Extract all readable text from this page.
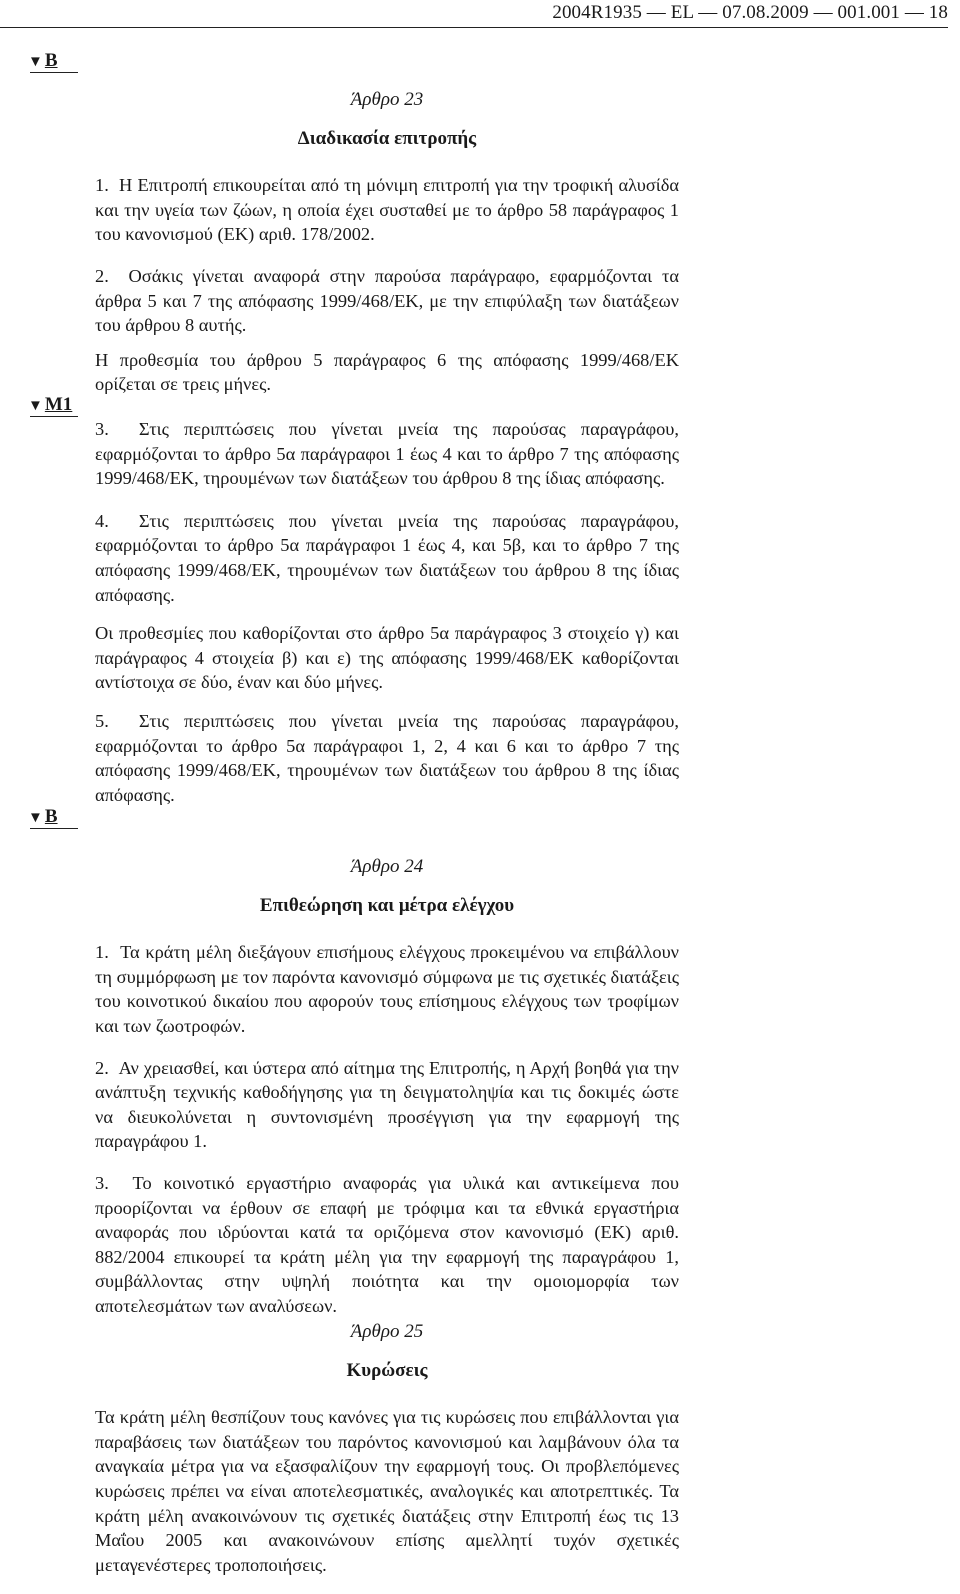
2004R1935 — EL — 07.08.2009 — 001.001 — 18
▼ B
▼ M1
▼ B
Άρθρο 23
Διαδικασία επιτροπής

1.  Η Επιτροπή επικουρείται από τη μόνιμη επιτροπή για την τροφική αλυσίδα και την υγεία των ζώων, η οποία έχει συσταθεί με το άρθρο 58 παράγραφος 1 του κανονισμού (ΕΚ) αριθ. 178/2002.

2.  Οσάκις γίνεται αναφορά στην παρούσα παράγραφο, εφαρμόζονται τα άρθρα 5 και 7 της απόφασης 1999/468/ΕΚ, με την επιφύλαξη των διατάξεων του άρθρου 8 αυτής.

Η προθεσμία του άρθρου 5 παράγραφος 6 της απόφασης 1999/468/ΕΚ ορίζεται σε τρεις μήνες.

3.  Στις περιπτώσεις που γίνεται μνεία της παρούσας παραγράφου, εφαρμόζονται το άρθρο 5α παράγραφοι 1 έως 4 και το άρθρο 7 της απόφασης 1999/468/ΕΚ, τηρουμένων των διατάξεων του άρθρου 8 της ίδιας απόφασης.

4.  Στις περιπτώσεις που γίνεται μνεία της παρούσας παραγράφου, εφαρμόζονται το άρθρο 5α παράγραφοι 1 έως 4, και 5β, και το άρθρο 7 της απόφασης 1999/468/ΕΚ, τηρουμένων των διατάξεων του άρθρου 8 της ίδιας απόφασης.

Οι προθεσμίες που καθορίζονται στο άρθρο 5α παράγραφος 3 στοιχείο γ) και παράγραφος 4 στοιχεία β) και ε) της απόφασης 1999/468/ΕΚ καθορίζονται αντίστοιχα σε δύο, έναν και δύο μήνες.

5.  Στις περιπτώσεις που γίνεται μνεία της παρούσας παραγράφου, εφαρμόζονται το άρθρο 5α παράγραφοι 1, 2, 4 και 6 και το άρθρο 7 της απόφασης 1999/468/ΕΚ, τηρουμένων των διατάξεων του άρθρου 8 της ίδιας απόφασης.

Άρθρο 24
Επιθεώρηση και μέτρα ελέγχου

1.  Τα κράτη μέλη διεξάγουν επισήμους ελέγχους προκειμένου να επιβάλλουν τη συμμόρφωση με τον παρόντα κανονισμό σύμφωνα με τις σχετικές διατάξεις του κοινοτικού δικαίου που αφορούν τους επίσημους ελέγχους των τροφίμων και των ζωοτροφών.

2.  Αν χρειασθεί, και ύστερα από αίτημα της Επιτροπής, η Αρχή βοηθά για την ανάπτυξη τεχνικής καθοδήγησης για τη δειγματοληψία και τις δοκιμές ώστε να διευκολύνεται η συντονισμένη προσέγγιση για την εφαρμογή της παραγράφου 1.

3.  Το κοινοτικό εργαστήριο αναφοράς για υλικά και αντικείμενα που προορίζονται να έρθουν σε επαφή με τρόφιμα και τα εθνικά εργαστήρια αναφοράς που ιδρύονται κατά τα οριζόμενα στον κανονισμό (ΕΚ) αριθ. 882/2004 επικουρεί τα κράτη μέλη για την εφαρμογή της παραγράφου 1, συμβάλλοντας στην υψηλή ποιότητα και την ομοιομορφία των αποτελεσμάτων των αναλύσεων.

Άρθρο 25
Κυρώσεις

Τα κράτη μέλη θεσπίζουν τους κανόνες για τις κυρώσεις που επιβάλλονται για παραβάσεις των διατάξεων του παρόντος κανονισμού και λαμβάνουν όλα τα αναγκαία μέτρα για να εξασφαλίζουν την εφαρμογή τους. Οι προβλεπόμενες κυρώσεις πρέπει να είναι αποτελεσματικές, αναλογικές και αποτρεπτικές. Τα κράτη μέλη ανακοινώνουν τις σχετικές διατάξεις στην Επιτροπή έως τις 13 Μαΐου 2005 και ανακοινώνουν επίσης αμελλητί τυχόν σχετικές μεταγενέστερες τροποποιήσεις.
